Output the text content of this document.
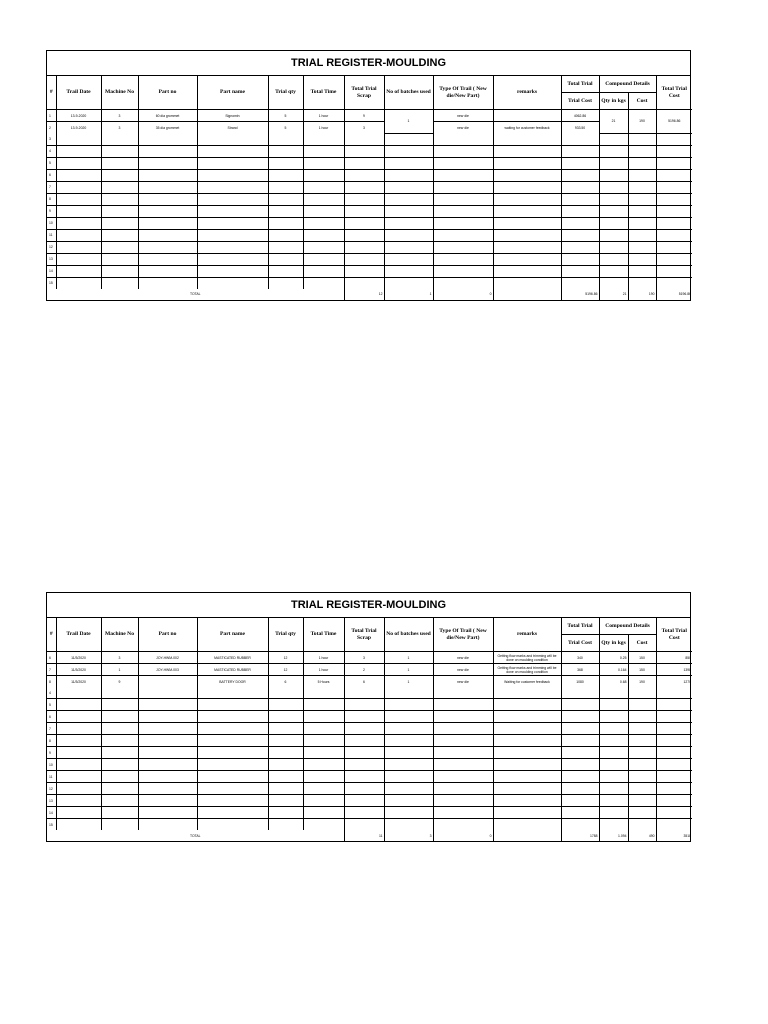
TRIAL REGISTER-MOULDING
#	Trail Date	Machine No	Part no	Part name	Trial qty	Total Time	Total Trial Scrap	No of batches used	Type Of Trail ( New die/New Part)	remarks	Total Trial	Compound Details		Total Trial Cost
											Trial Cost	Qty in kgs	Cost	
1	13-9-2020	3	60 dia grommet	Signomin	5	1 hour	9	1	new die		4062.86	21	190	5196.86
2	13-9-2020	3	35 dia grommet	Strand	5	1 hour	3		new die	waiting for customer feedback	933.50			
3														
4														
5														
6														
7														
8														
9														
10														
11														
12														
13														
14														
15														
TOTAL							12	1	0		5196.86	21	190	5196.86
TRIAL REGISTER-MOULDING
#	Trail Date	Machine No	Part no	Part name	Trial qty	Total Time	Total Trial Scrap	No of batches used	Type Of Trail ( New die/New Part)	remarks	Total Trial	Compound Details		Total Trial Cost
											Trial Cost	Qty in kgs	Cost	
6	11/3/2020	3	JOY-HWM-002	MASTICATED RUBBER	12	1 hour	3	1	new die	Getting flow marks and trimming will be done on moulding condition	340	0.25	150	850
7	11/3/2020	1	JOY-HWM-003	MASTICATED RUBBER	12	1 hour	2	1	new die	Getting flow marks and trimming will be done on moulding condition	368	0.164	150	1398
8	11/3/2020	9		BATTERY DOOR	6	5 Hours	6	1	new die	Waiting for customer feedback	1080	0.68	190	1270
4														
5														
6														
7														
8														
9														
10														
11														
12														
13														
14														
15														
TOTAL							11	3	0		1788	1.094	490	3518
